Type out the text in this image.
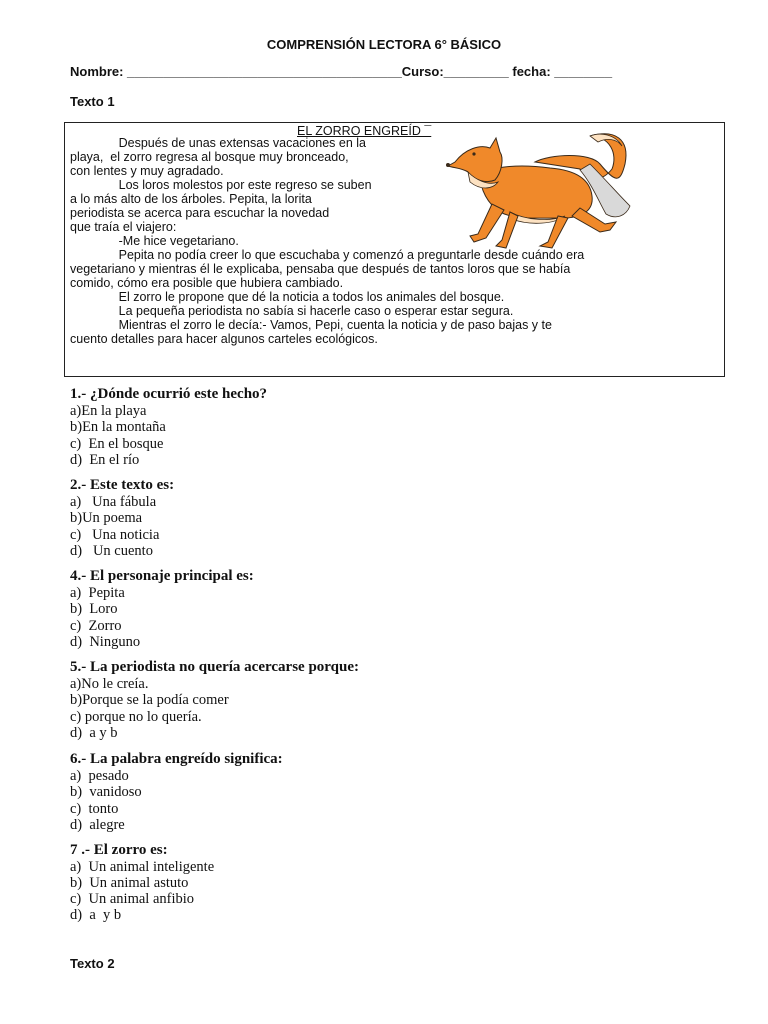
COMPRENSIÓN LECTORA 6° BÁSICO
Nombre: ______________________________________Curso:_________ fecha: ________
Texto 1
EL ZORRO ENGREÍD ¯
Después de unas extensas vacaciones en la
playa,  el zorro regresa al bosque muy bronceado,
con lentes y muy agradado.
Los loros molestos por este regreso se suben
a lo más alto de los árboles. Pepita, la lorita
periodista se acerca para escuchar la novedad
que traía el viajero:
-Me hice vegetariano.
Pepita no podía creer lo que escuchaba y comenzó a preguntarle desde cuándo era
vegetariano y mientras él le explicaba, pensaba que después de tantos loros que se había
comido, cómo era posible que hubiera cambiado.
El zorro le propone que dé la noticia a todos los animales del bosque.
La pequeña periodista no sabía si hacerle caso o esperar estar segura.
Mientras el zorro le decía:- Vamos, Pepi, cuenta la noticia y de paso bajas y te
cuento detalles para hacer algunos carteles ecológicos.
1.- ¿Dónde ocurrió este hecho?
a)En la playa
b)En la montaña
c)  En el bosque
d)  En el río
2.- Este texto es:
a)   Una fábula
b)Un poema
c)   Una noticia
d)   Un cuento
4.- El personaje principal es:
a)  Pepita
b)  Loro
c)  Zorro
d)  Ninguno
5.- La periodista no quería acercarse porque:
a)No le creía.
b)Porque se la podía comer
c) porque no lo quería.
d)  a y b
6.- La palabra engreído significa:
a)  pesado
b)  vanidoso
c)  tonto
d)  alegre
7 .- El zorro es:
a)  Un animal inteligente
b)  Un animal astuto
c)  Un animal anfibio
d)  a  y b
Texto 2
